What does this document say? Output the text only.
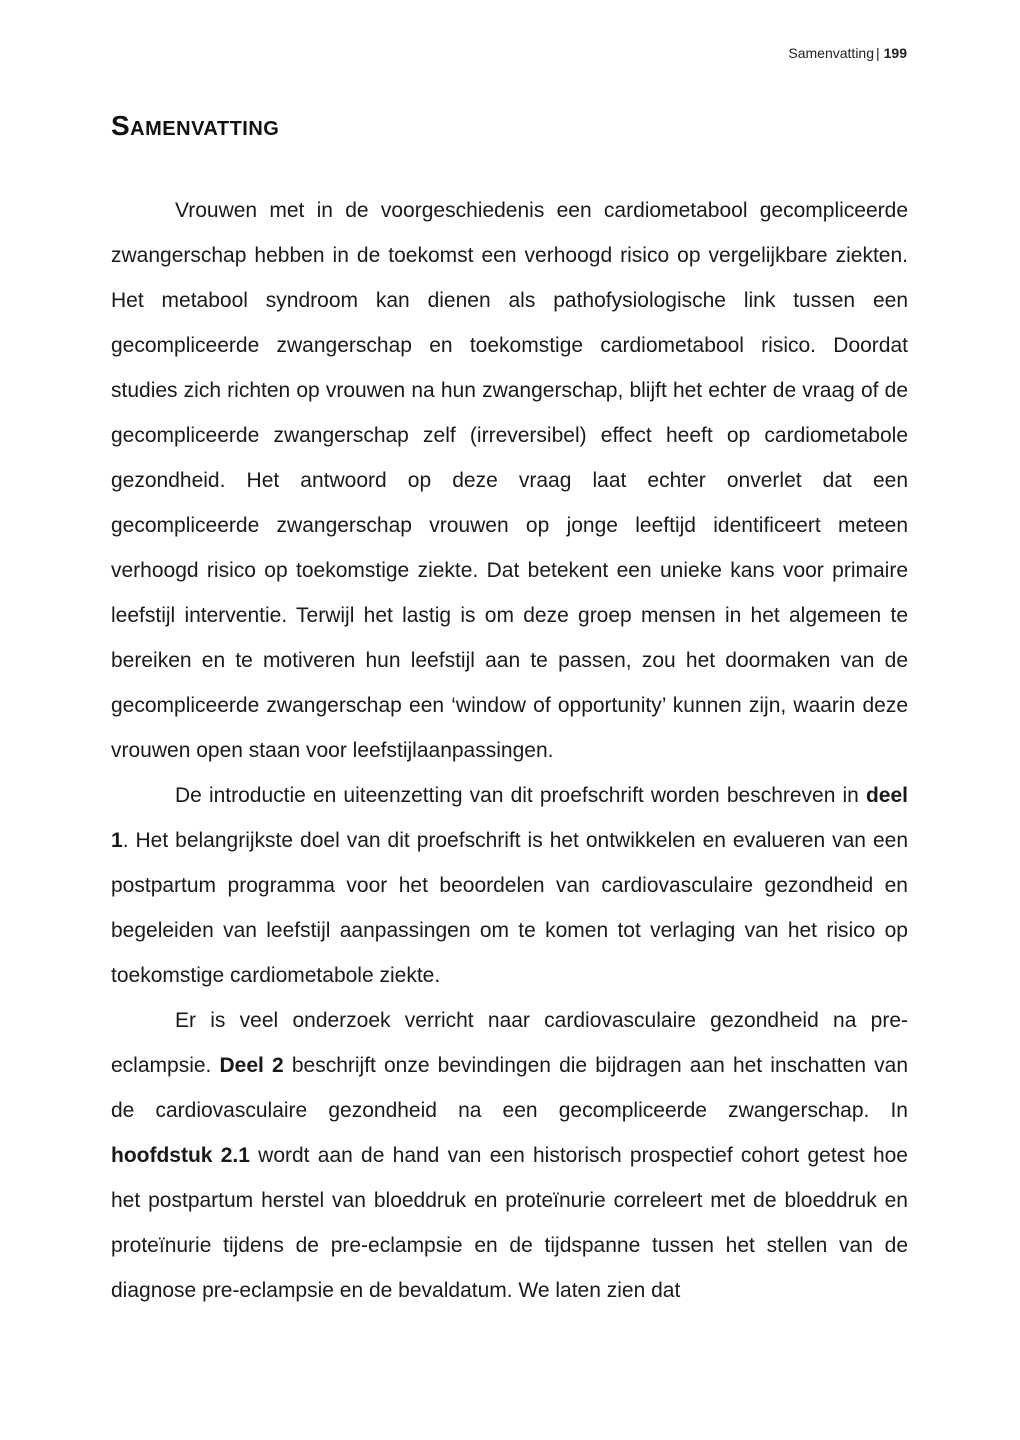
Samenvatting | 199
Samenvatting

Vrouwen met in de voorgeschiedenis een cardiometabool gecompliceerde zwangerschap hebben in de toekomst een verhoogd risico op vergelijkbare ziekten. Het metabool syndroom kan dienen als pathofysiologische link tussen een gecompliceerde zwangerschap en toekomstige cardiometabool risico. Doordat studies zich richten op vrouwen na hun zwangerschap, blijft het echter de vraag of de gecompliceerde zwangerschap zelf (irreversibel) effect heeft op cardiometabole gezondheid. Het antwoord op deze vraag laat echter onverlet dat een gecompliceerde zwangerschap vrouwen op jonge leeftijd identificeert meteen verhoogd risico op toekomstige ziekte. Dat betekent een unieke kans voor primaire leefstijl interventie. Terwijl het lastig is om deze groep mensen in het algemeen te bereiken en te motiveren hun leefstijl aan te passen, zou het doormaken van de gecompliceerde zwangerschap een ‘window of opportunity’ kunnen zijn, waarin deze vrouwen open staan voor leefstijlaanpassingen.

De introductie en uiteenzetting van dit proefschrift worden beschreven in deel 1. Het belangrijkste doel van dit proefschrift is het ontwikkelen en evalueren van een postpartum programma voor het beoordelen van cardiovasculaire gezondheid en begeleiden van leefstijl aanpassingen om te komen tot verlaging van het risico op toekomstige cardiometabole ziekte.

Er is veel onderzoek verricht naar cardiovasculaire gezondheid na pre-eclampsie. Deel 2 beschrijft onze bevindingen die bijdragen aan het inschatten van de cardiovasculaire gezondheid na een gecompliceerde zwangerschap. In hoofdstuk 2.1 wordt aan de hand van een historisch prospectief cohort getest hoe het postpartum herstel van bloeddruk en proteïnurie correleert met de bloeddruk en proteïnurie tijdens de pre-eclampsie en de tijdspanne tussen het stellen van de diagnose pre-eclampsie en de bevaldatum. We laten zien dat
